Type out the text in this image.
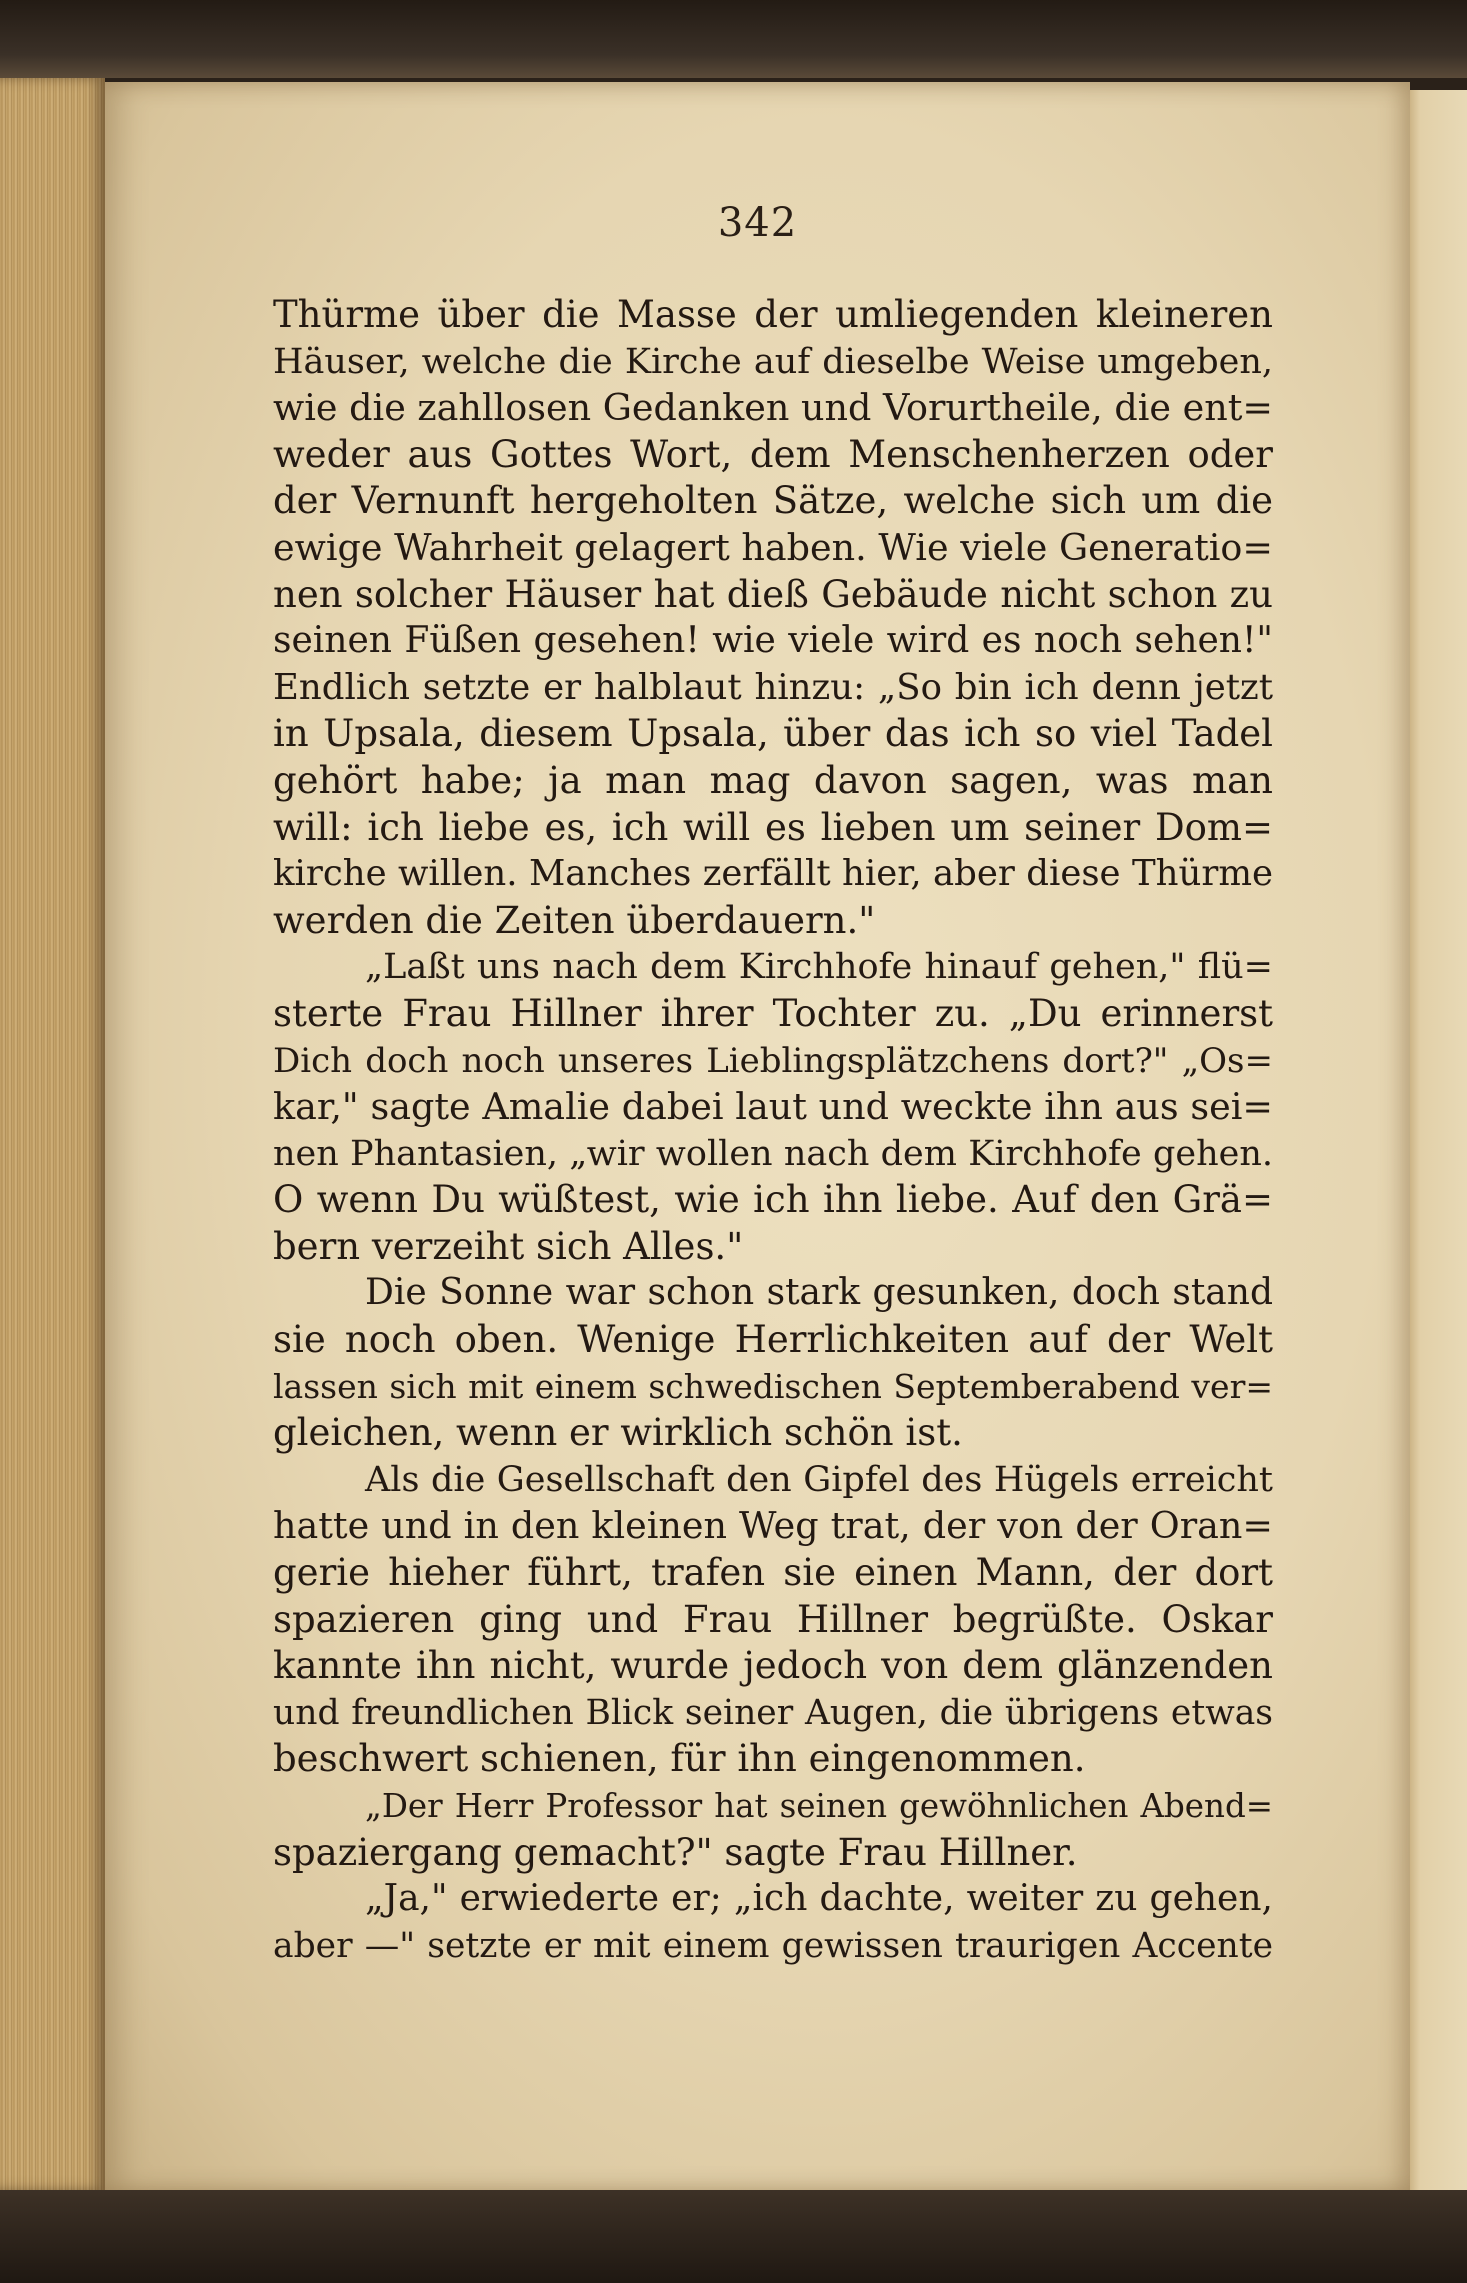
342
Thürme über die Masse der umliegenden kleineren
Häuser, welche die Kirche auf dieselbe Weise umgeben,
wie die zahllosen Gedanken und Vorurtheile, die ent=
weder aus Gottes Wort, dem Menschenherzen oder
der Vernunft hergeholten Sätze, welche sich um die
ewige Wahrheit gelagert haben. Wie viele Generatio=
nen solcher Häuser hat dieß Gebäude nicht schon zu
seinen Füßen gesehen! wie viele wird es noch sehen!"
Endlich setzte er halblaut hinzu: „So bin ich denn jetzt
in Upsala, diesem Upsala, über das ich so viel Tadel
gehört habe; ja man mag davon sagen, was man
will: ich liebe es, ich will es lieben um seiner Dom=
kirche willen. Manches zerfällt hier, aber diese Thürme
werden die Zeiten überdauern."
„Laßt uns nach dem Kirchhofe hinauf gehen," flü=
sterte Frau Hillner ihrer Tochter zu. „Du erinnerst
Dich doch noch unseres Lieblingsplätzchens dort?" „Os=
kar," sagte Amalie dabei laut und weckte ihn aus sei=
nen Phantasien, „wir wollen nach dem Kirchhofe gehen.
O wenn Du wüßtest, wie ich ihn liebe. Auf den Grä=
bern verzeiht sich Alles."
Die Sonne war schon stark gesunken, doch stand
sie noch oben. Wenige Herrlichkeiten auf der Welt
lassen sich mit einem schwedischen Septemberabend ver=
gleichen, wenn er wirklich schön ist.
Als die Gesellschaft den Gipfel des Hügels erreicht
hatte und in den kleinen Weg trat, der von der Oran=
gerie hieher führt, trafen sie einen Mann, der dort
spazieren ging und Frau Hillner begrüßte. Oskar
kannte ihn nicht, wurde jedoch von dem glänzenden
und freundlichen Blick seiner Augen, die übrigens etwas
beschwert schienen, für ihn eingenommen.
„Der Herr Professor hat seinen gewöhnlichen Abend=
spaziergang gemacht?" sagte Frau Hillner.
„Ja," erwiederte er; „ich dachte, weiter zu gehen,
aber —" setzte er mit einem gewissen traurigen Accente
